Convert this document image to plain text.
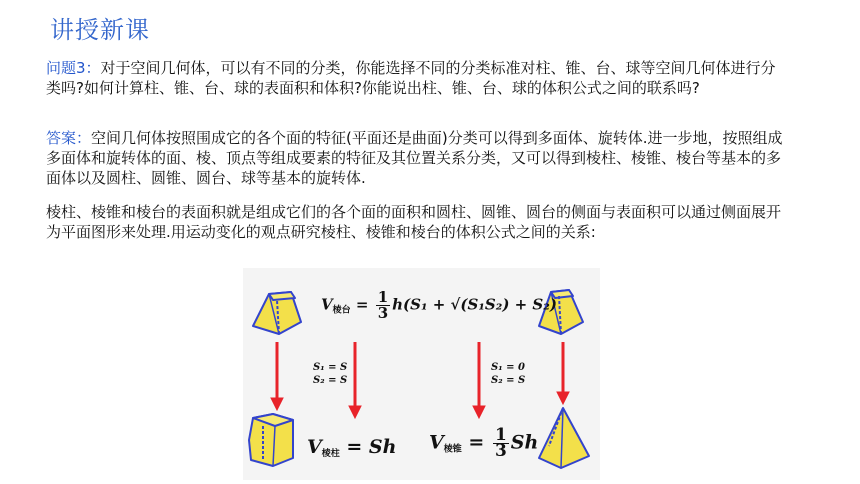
讲授新课
问题3：对于空间几何体，可以有不同的分类，你能选择不同的分类标准对柱、锥、台、球等空间几何体进行分类吗?如何计算柱、锥、台、球的表面积和体积?你能说出柱、锥、台、球的体积公式之间的联系吗?
答案：空间几何体按照围成它的各个面的特征(平面还是曲面)分类可以得到多面体、旋转体.进一步地，按照组成多面体和旋转体的面、棱、顶点等组成要素的特征及其位置关系分类，又可以得到棱柱、棱锥、棱台等基本的多面体以及圆柱、圆锥、圆台、球等基本的旋转体.
棱柱、棱锥和棱台的表面积就是组成它们的各个面的面积和圆柱、圆锥、圆台的侧面与表面积可以通过侧面展开为平面图形来处理.用运动变化的观点研究棱柱、棱锥和棱台的体积公式之间的关系:
$V_{棱台} = \frac{1}{3} h(S_1 + √(S_1S_2) + S_2)$
S₁ = S
S₂ = S
S₁ = 0
S₂ = S
$V_{棱柱} = Sh$ $V_{棱锥} = \frac{1}{3}$ Sh
